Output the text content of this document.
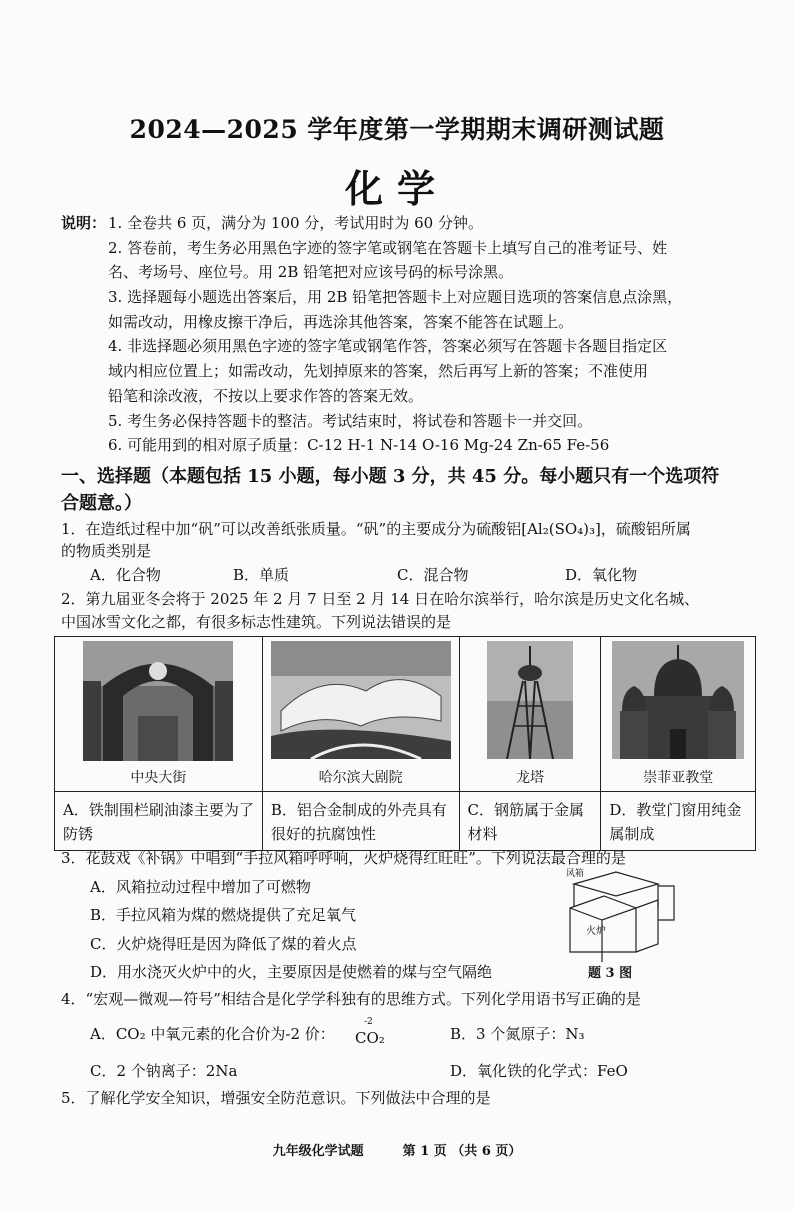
2024—2025 学年度第一学期期末调研测试题
化学
说明： 1. 全卷共 6 页，满分为 100 分，考试用时为 60 分钟。
2. 答卷前，考生务必用黑色字迹的签字笔或钢笔在答题卡上填写自己的准考证号、姓
名、考场号、座位号。用 2B 铅笔把对应该号码的标号涂黑。
3. 选择题每小题选出答案后，用 2B 铅笔把答题卡上对应题目选项的答案信息点涂黑，
如需改动，用橡皮擦干净后，再选涂其他答案，答案不能答在试题上。
4. 非选择题必须用黑色字迹的签字笔或钢笔作答，答案必须写在答题卡各题目指定区
域内相应位置上；如需改动，先划掉原来的答案，然后再写上新的答案；不准使用
铅笔和涂改液，不按以上要求作答的答案无效。
5. 考生务必保持答题卡的整洁。考试结束时，将试卷和答题卡一并交回。
6. 可能用到的相对原子质量：C-12 H-1 N-14 O-16 Mg-24 Zn-65 Fe-56
一、选择题（本题包括 15 小题，每小题 3 分，共 45 分。每小题只有一个选项符
合题意。）
1．在造纸过程中加“矾”可以改善纸张质量。“矾”的主要成分为硫酸铝[Al₂(SO₄)₃]，硫酸铝所属
的物质类别是
A．化合物	B．单质	C．混合物	D．氧化物
2．第九届亚冬会将于 2025 年 2 月 7 日至 2 月 14 日在哈尔滨举行，哈尔滨是历史文化名城、
中国冰雪文化之都，有很多标志性建筑。下列说法错误的是
中央大街	哈尔滨大剧院	龙塔	崇菲亚教堂

A．铁制围栏刷油漆主要为了防锈	B．铝合金制成的外壳具有很好的抗腐蚀性	C．钢筋属于金属材料	D．教堂门窗用纯金属制成
3．花鼓戏《补锅》中唱到“手拉风箱呼呼响，火炉烧得红旺旺”。下列说法最合理的是
A．风箱拉动过程中增加了可燃物
B．手拉风箱为煤的燃烧提供了充足氧气
C．火炉烧得旺是因为降低了煤的着火点
D．用水浇灭火炉中的火，主要原因是使燃着的煤与空气隔绝
风箱
火炉
题 3 图
4．“宏观—微观—符号”相结合是化学学科独有的思维方式。下列化学用语书写正确的是
A．CO₂ 中氧元素的化合价为-2 价：
-2
CO₂	B．3 个氮原子：N₃
C．2 个钠离子：2Na	D．氧化铁的化学式：FeO
5．了解化学安全知识，增强安全防范意识。下列做法中合理的是
九年级化学试题	第 1 页 （共 6 页）
